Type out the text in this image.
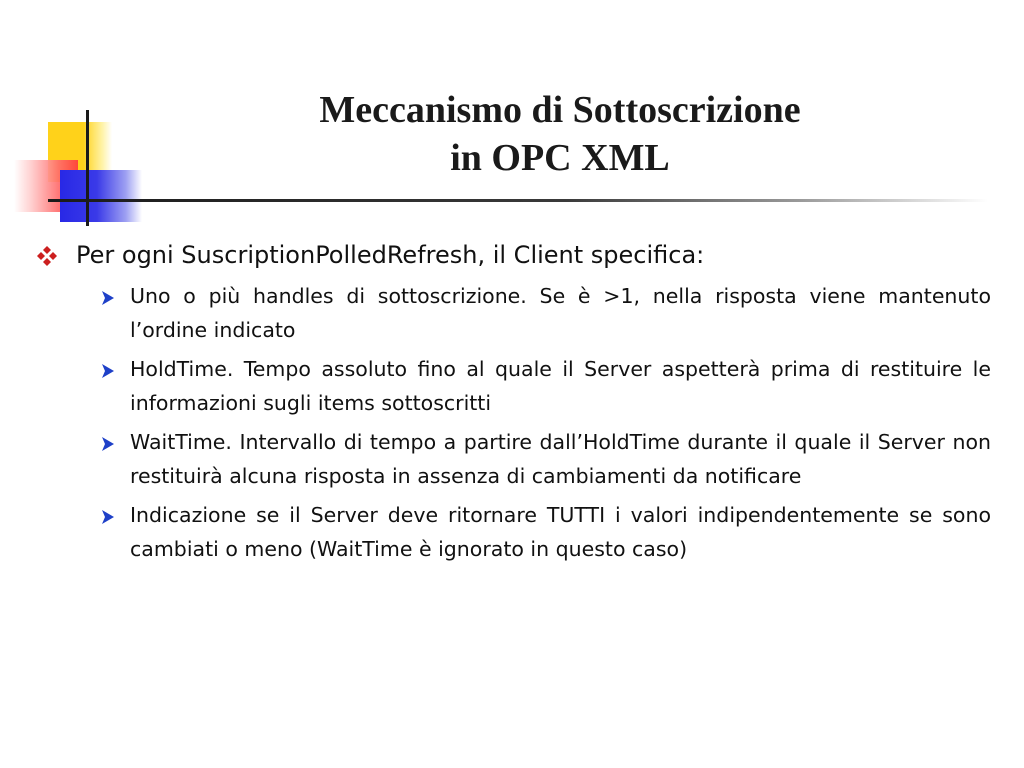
Meccanismo di Sottoscrizione
in OPC XML
Per ogni SuscriptionPolledRefresh, il Client specifica:
Uno o più handles di sottoscrizione. Se è >1, nella risposta viene mantenuto l’ordine indicato
HoldTime. Tempo assoluto fino al quale il Server aspetterà prima di restituire le informazioni sugli items sottoscritti
WaitTime. Intervallo di tempo a partire dall’HoldTime durante il quale il Server non restituirà alcuna risposta in assenza di cambiamenti da notificare
Indicazione se il Server deve ritornare TUTTI i valori indipendentemente se sono cambiati o meno (WaitTime è ignorato in questo caso)
